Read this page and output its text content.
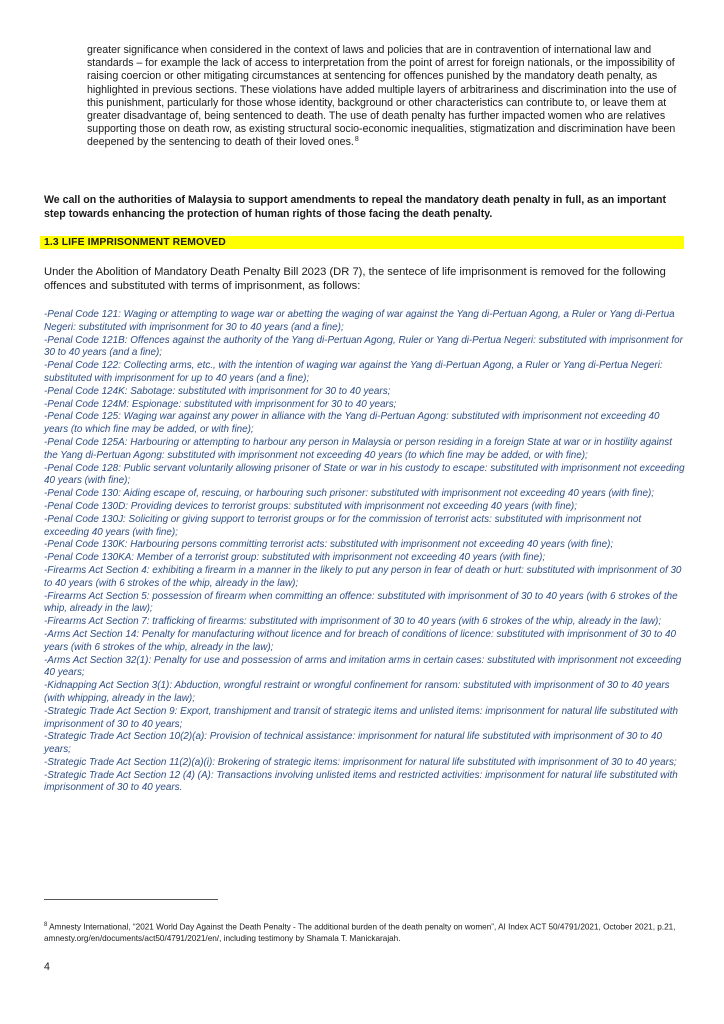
greater significance when considered in the context of laws and policies that are in contravention of international law and standards – for example the lack of access to interpretation from the point of arrest for foreign nationals, or the impossibility of raising coercion or other mitigating circumstances at sentencing for offences punished by the mandatory death penalty, as highlighted in previous sections. These violations have added multiple layers of arbitrariness and discrimination into the use of this punishment, particularly for those whose identity, background or other characteristics can contribute to, or leave them at greater disadvantage of, being sentenced to death. The use of death penalty has further impacted women who are relatives supporting those on death row, as existing structural socio-economic inequalities, stigmatization and discrimination have been deepened by the sentencing to death of their loved ones.$^8$

We call on the authorities of Malaysia to support amendments to repeal the mandatory death penalty in full, as an important step towards enhancing the protection of human rights of those facing the death penalty.

1.3 LIFE IMPRISONMENT REMOVED

Under the Abolition of Mandatory Death Penalty Bill 2023 (DR 7), the sentece of life imprisonment is removed for the following offences and substituted with terms of imprisonment, as follows:

-Penal Code 121: Waging or attempting to wage war or abetting the waging of war against the Yang di-Pertuan Agong, a Ruler or Yang di-Pertua Negeri: substituted with imprisonment for 30 to 40 years (and a fine);
-Penal Code 121B: Offences against the authority of the Yang di-Pertuan Agong, Ruler or Yang di-Pertua Negeri: substituted with imprisonment for 30 to 40 years (and a fine);
-Penal Code 122: Collecting arms, etc., with the intention of waging war against the Yang di-Pertuan Agong, a Ruler or Yang di-Pertua Negeri: substituted with imprisonment for up to 40 years (and a fine);
-Penal Code 124K: Sabotage: substituted with imprisonment for 30 to 40 years;
-Penal Code 124M: Espionage: substituted with imprisonment for 30 to 40 years;
-Penal Code 125: Waging war against any power in alliance with the Yang di-Pertuan Agong: substituted with imprisonment not exceeding 40 years (to which fine may be added, or with fine);
-Penal Code 125A: Harbouring or attempting to harbour any person in Malaysia or person residing in a foreign State at war or in hostility against the Yang di-Pertuan Agong: substituted with imprisonment not exceeding 40 years (to which fine may be added, or with fine);
-Penal Code 128: Public servant voluntarily allowing prisoner of State or war in his custody to escape: substituted with imprisonment not exceeding 40 years (with fine);
-Penal Code 130: Aiding escape of, rescuing, or harbouring such prisoner: substituted with imprisonment not exceeding 40 years (with fine);
-Penal Code 130D: Providing devices to terrorist groups: substituted with imprisonment not exceeding 40 years (with fine);
-Penal Code 130J: Soliciting or giving support to terrorist groups or for the commission of terrorist acts: substituted with imprisonment not exceeding 40 years (with fine);
-Penal Code 130K: Harbouring persons committing terrorist acts: substituted with imprisonment not exceeding 40 years (with fine);
-Penal Code 130KA: Member of a terrorist group: substituted with imprisonment not exceeding 40 years (with fine);
-Firearms Act Section 4: exhibiting a firearm in a manner in the likely to put any person in fear of death or hurt: substituted with imprisonment of 30 to 40 years (with 6 strokes of the whip, already in the law);
-Firearms Act Section 5: possession of firearm when committing an offence: substituted with imprisonment of 30 to 40 years (with 6 strokes of the whip, already in the law);
-Firearms Act Section 7: trafficking of firearms: substituted with imprisonment of 30 to 40 years (with 6 strokes of the whip, already in the law);
-Arms Act Section 14: Penalty for manufacturing without licence and for breach of conditions of licence: substituted with imprisonment of 30 to 40 years (with 6 strokes of the whip, already in the law);
-Arms Act Section 32(1): Penalty for use and possession of arms and imitation arms in certain cases: substituted with imprisonment not exceeding 40 years;
-Kidnapping Act Section 3(1): Abduction, wrongful restraint or wrongful confinement for ransom: substituted with imprisonment of 30 to 40 years (with whipping, already in the law);
-Strategic Trade Act Section 9: Export, transhipment and transit of strategic items and unlisted items: imprisonment for natural life substituted with imprisonment of 30 to 40 years;
-Strategic Trade Act Section 10(2)(a): Provision of technical assistance: imprisonment for natural life substituted with imprisonment of 30 to 40 years;
-Strategic Trade Act Section 11(2)(a)(i): Brokering of strategic items: imprisonment for natural life substituted with imprisonment of 30 to 40 years;
-Strategic Trade Act Section 12 (4) (A): Transactions involving unlisted items and restricted activities: imprisonment for natural life substituted with imprisonment of 30 to 40 years.

$^8$ Amnesty International, “2021 World Day Against the Death Penalty - The additional burden of the death penalty on women”, AI Index ACT 50/4791/2021, October 2021, p.21, amnesty.org/en/documents/act50/4791/2021/en/, including testimony by Shamala T. Manickarajah.

4
